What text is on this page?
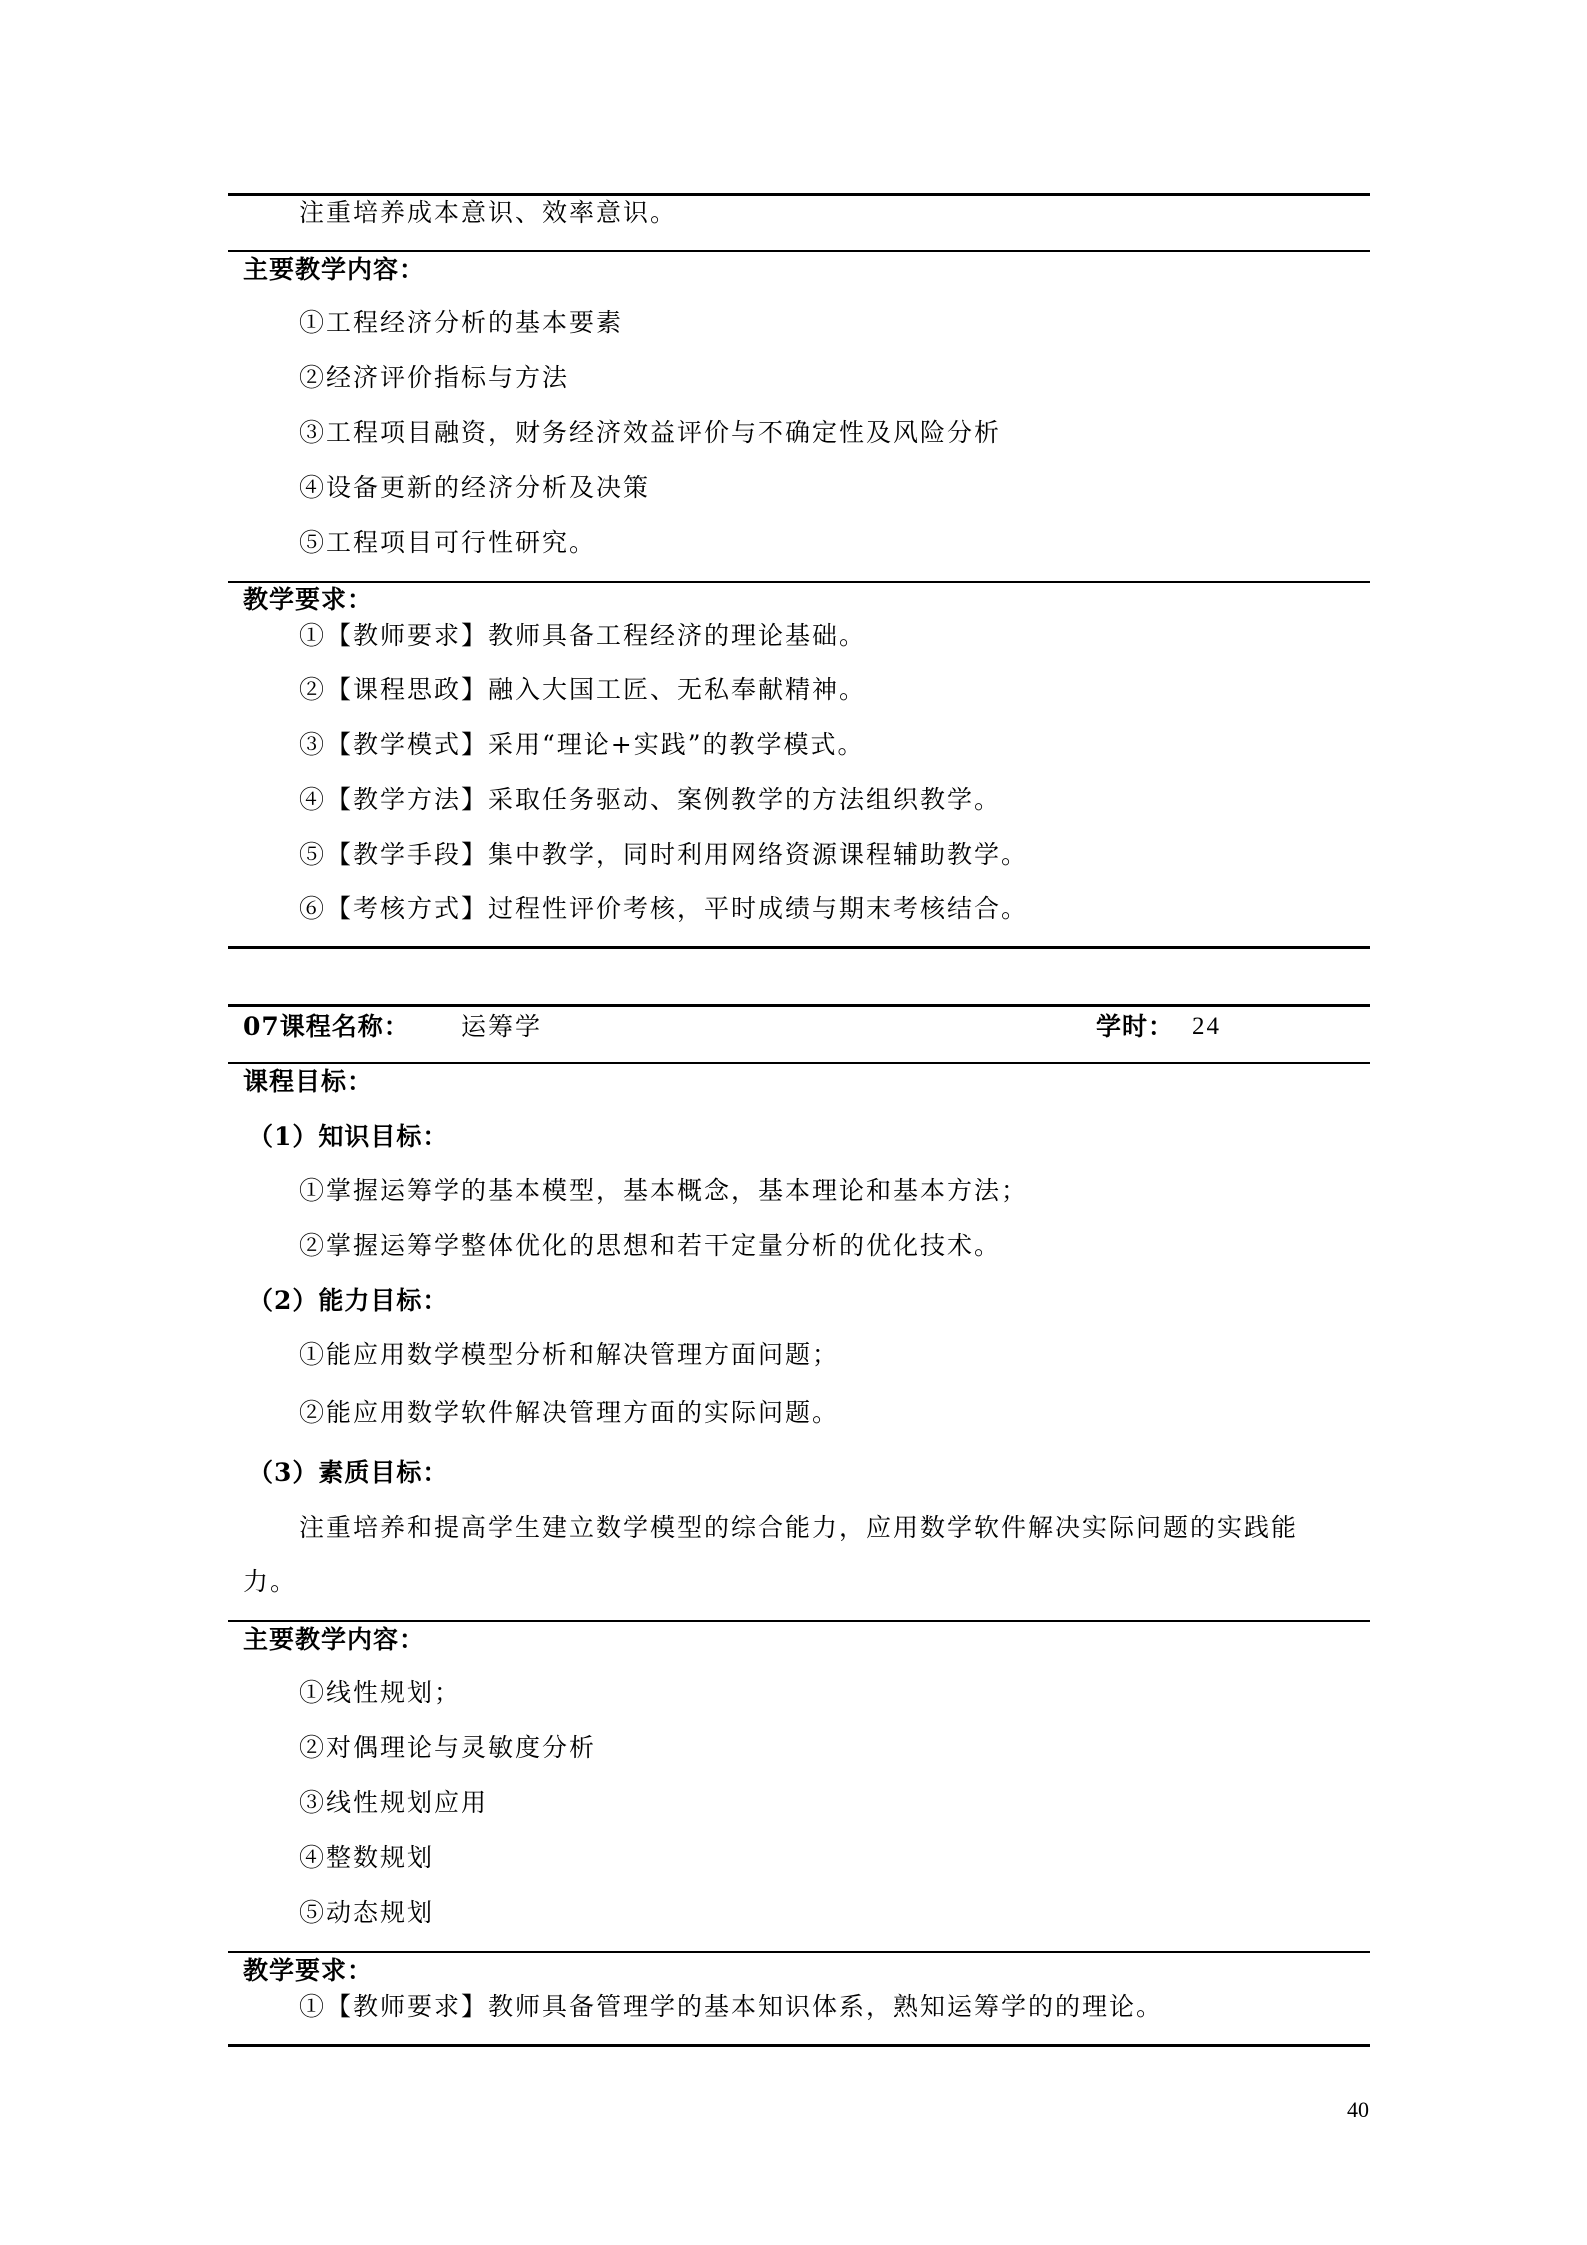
注重培养成本意识、效率意识。
主要教学内容：
①工程经济分析的基本要素
②经济评价指标与方法
③工程项目融资，财务经济效益评价与不确定性及风险分析
④设备更新的经济分析及决策
⑤工程项目可行性研究。
教学要求：
①【教师要求】教师具备工程经济的理论基础。
②【课程思政】融入大国工匠、无私奉献精神。
③【教学模式】采用“理论+实践”的教学模式。
④【教学方法】采取任务驱动、案例教学的方法组织教学。
⑤【教学手段】集中教学，同时利用网络资源课程辅助教学。
⑥【考核方式】过程性评价考核，平时成绩与期末考核结合。
07课程名称： 运筹学	学时： 24
课程目标：
（1）知识目标：
①掌握运筹学的基本模型，基本概念，基本理论和基本方法；
②掌握运筹学整体优化的思想和若干定量分析的优化技术。
（2）能力目标：
①能应用数学模型分析和解决管理方面问题；
②能应用数学软件解决管理方面的实际问题。
（3）素质目标：
注重培养和提高学生建立数学模型的综合能力，应用数学软件解决实际问题的实践能
力。
主要教学内容：
①线性规划；
②对偶理论与灵敏度分析
③线性规划应用
④整数规划
⑤动态规划
教学要求：
①【教师要求】教师具备管理学的基本知识体系，熟知运筹学的的理论。
40
